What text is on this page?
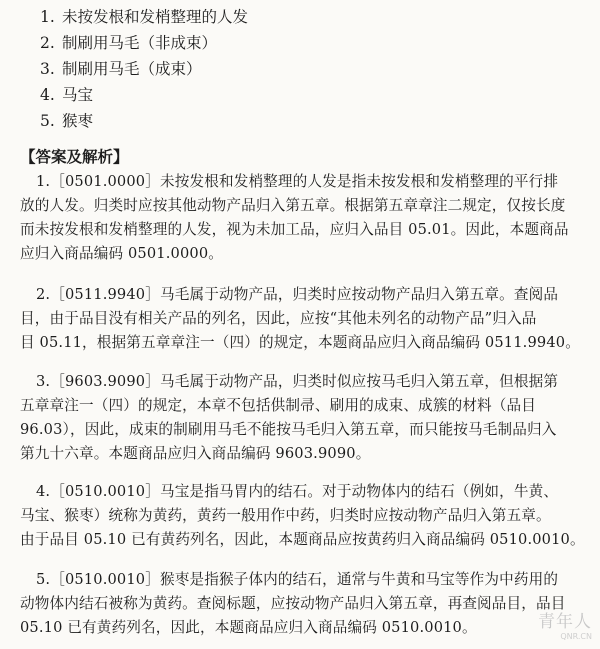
1. 未按发根和发梢整理的人发
2. 制刷用马毛（非成束）
3. 制刷用马毛（成束）
4. 马宝
5. 猴枣
【答案及解析】
1.［0501.0000］未按发根和发梢整理的人发是指未按发根和发梢整理的平行排
放的人发。归类时应按其他动物产品归入第五章。根据第五章章注二规定，仅按长度
而未按发根和发梢整理的人发，视为未加工品，应归入品目 05.01。因此，本题商品
应归入商品编码 0501.0000。
2.［0511.9940］马毛属于动物产品，归类时应按动物产品归入第五章。查阅品
目，由于品目没有相关产品的列名，因此，应按“其他未列名的动物产品”归入品
目 05.11，根据第五章章注一（四）的规定，本题商品应归入商品编码 0511.9940。
3.［9603.9090］马毛属于动物产品，归类时似应按马毛归入第五章，但根据第
五章章注一（四）的规定，本章不包括供制帚、刷用的成束、成簇的材料（品目
96.03），因此，成束的制刷用马毛不能按马毛归入第五章，而只能按马毛制品归入
第九十六章。本题商品应归入商品编码 9603.9090。
4.［0510.0010］马宝是指马胃内的结石。对于动物体内的结石（例如，牛黄、
马宝、猴枣）统称为黄药，黄药一般用作中药，归类时应按动物产品归入第五章。
由于品目 05.10 已有黄药列名，因此，本题商品应按黄药归入商品编码 0510.0010。
5.［0510.0010］猴枣是指猴子体内的结石，通常与牛黄和马宝等作为中药用的
动物体内结石被称为黄药。查阅标题，应按动物产品归入第五章，再查阅品目，品目
05.10 已有黄药列名，因此，本题商品应归入商品编码 0510.0010。	青年人
QNR.CN
